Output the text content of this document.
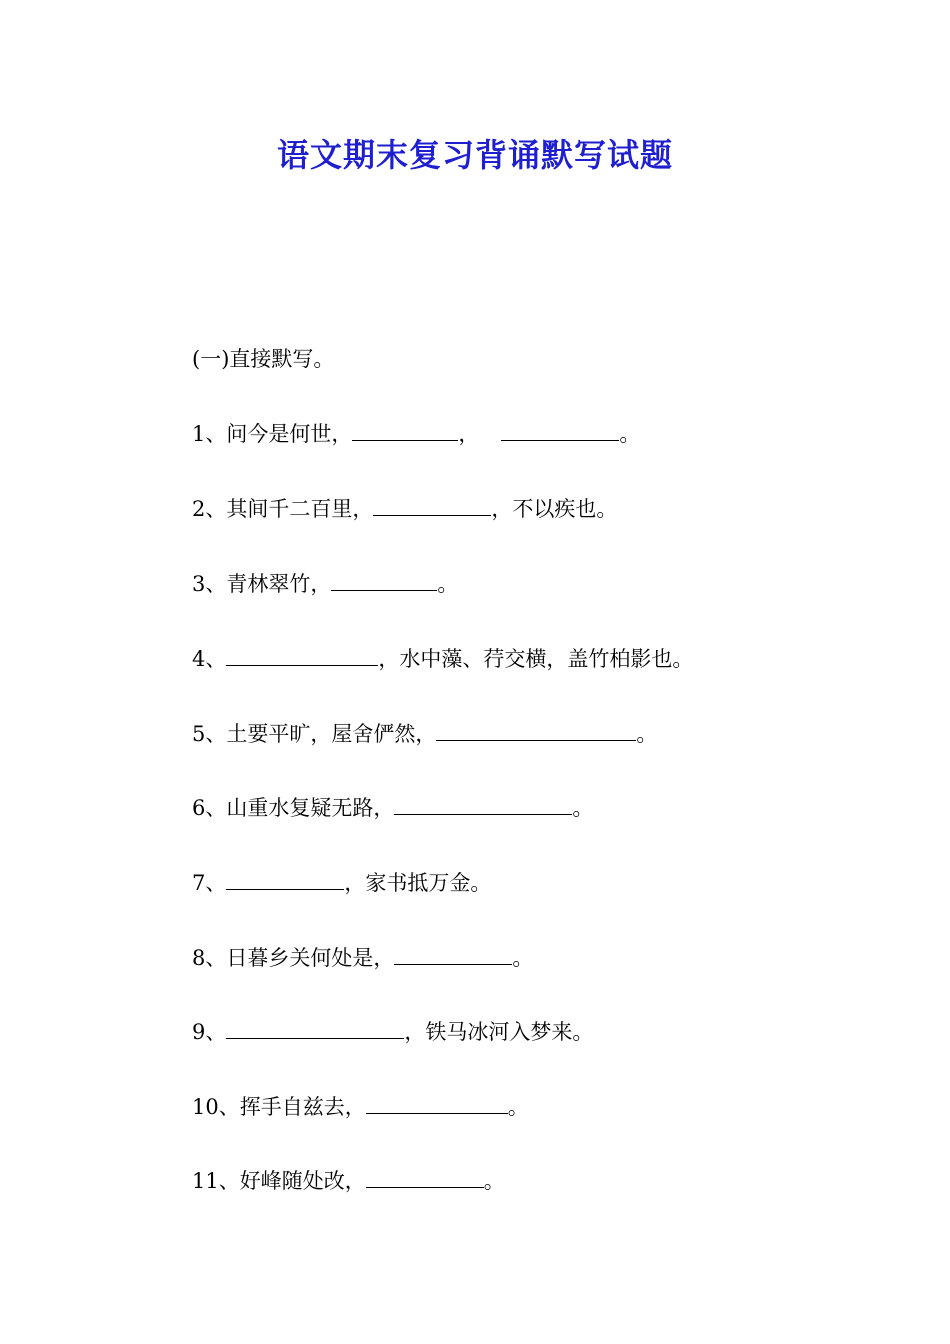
语文期末复习背诵默写试题
(一)直接默写。
1、问今是何世，	，	。
2、其间千二百里，	，不以疾也。
3、青林翠竹，	。
4、	，水中藻、荇交横，盖竹柏影也。
5、土要平旷，屋舍俨然，	。
6、山重水复疑无路，	。
7、	，家书抵万金。
8、日暮乡关何处是，	。
9、	，铁马冰河入梦来。
10、挥手自兹去，	。
11、好峰随处改，	。
